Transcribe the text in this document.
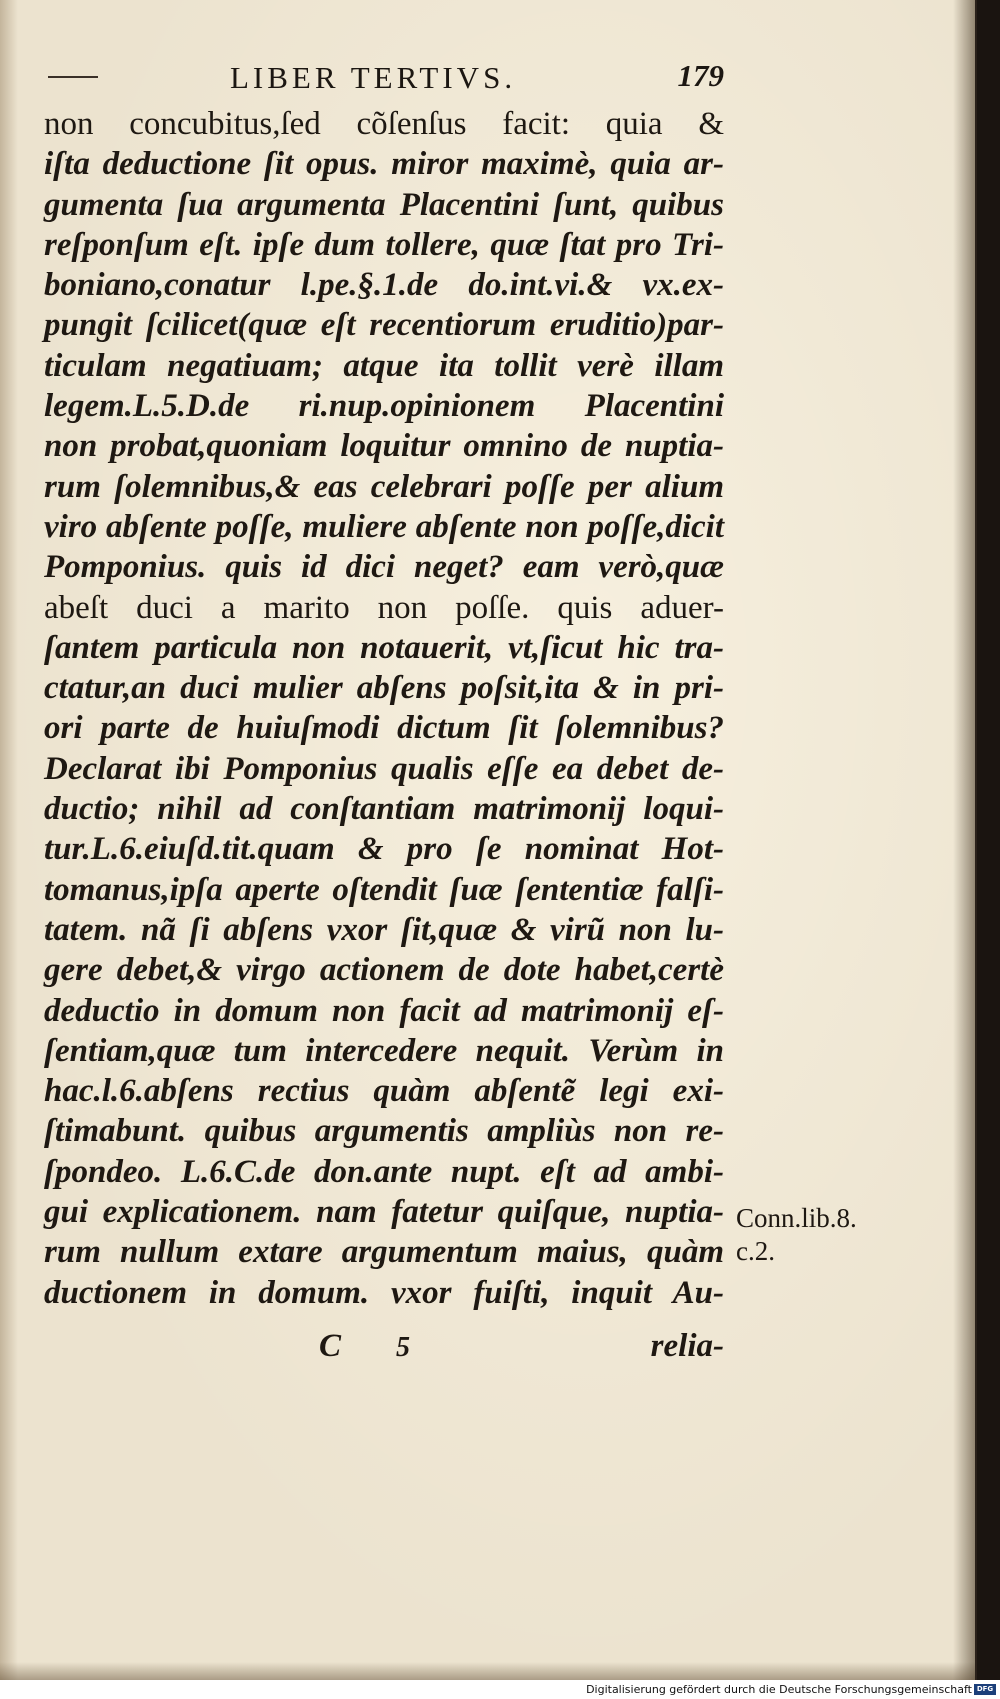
LIBER TERTIVS.	179
non concubitus,ſed cõſenſus facit: quia &
iſta deductione ſit opus. miror maximè, quia ar-
gumenta ſua argumenta Placentini ſunt, quibus
reſponſum eſt. ipſe dum tollere, quæ ſtat pro Tri-
boniano,conatur l.pe.§.1.de do.int.vi.& vx.ex-
pungit ſcilicet(quæ eſt recentiorum eruditio)par-
ticulam negatiuam; atque ita tollit verè illam
legem.L.5.D.de ri.nup.opinionem Placentini
non probat,quoniam loquitur omnino de nuptia-
rum ſolemnibus,& eas celebrari poſſe per alium
viro abſente poſſe, muliere abſente non poſſe,dicit
Pomponius. quis id dici neget? eam verò,quæ
abeſt duci a marito non poſſe. quis aduer-
ſantem particula non notauerit, vt,ſicut hic tra-
ctatur,an duci mulier abſens poſsit,ita & in pri-
ori parte de huiuſmodi dictum ſit ſolemnibus?
Declarat ibi Pomponius qualis eſſe ea debet de-
ductio; nihil ad conſtantiam matrimonij loqui-
tur.L.6.eiuſd.tit.quam & pro ſe nominat Hot-
tomanus,ipſa aperte oſtendit ſuæ ſententiæ falſi-
tatem. nã ſi abſens vxor ſit,quæ & virũ non lu-
gere debet,& virgo actionem de dote habet,certè
deductio in domum non facit ad matrimonij eſ-
ſentiam,quæ tum intercedere nequit. Verùm in
hac.l.6.abſens rectius quàm abſentẽ legi exi-
ſtimabunt. quibus argumentis ampliùs non re-
ſpondeo. L.6.C.de don.ante nupt. eſt ad ambi-
gui explicationem. nam fatetur quiſque, nuptia-
rum nullum extare argumentum maius, quàm
ductionem in domum. vxor fuiſti, inquit Au-
Conn.lib.8.
c.2.
C 5	relia-
Digitalisierung gefördert durch die Deutsche Forschungsgemeinschaft DFG
